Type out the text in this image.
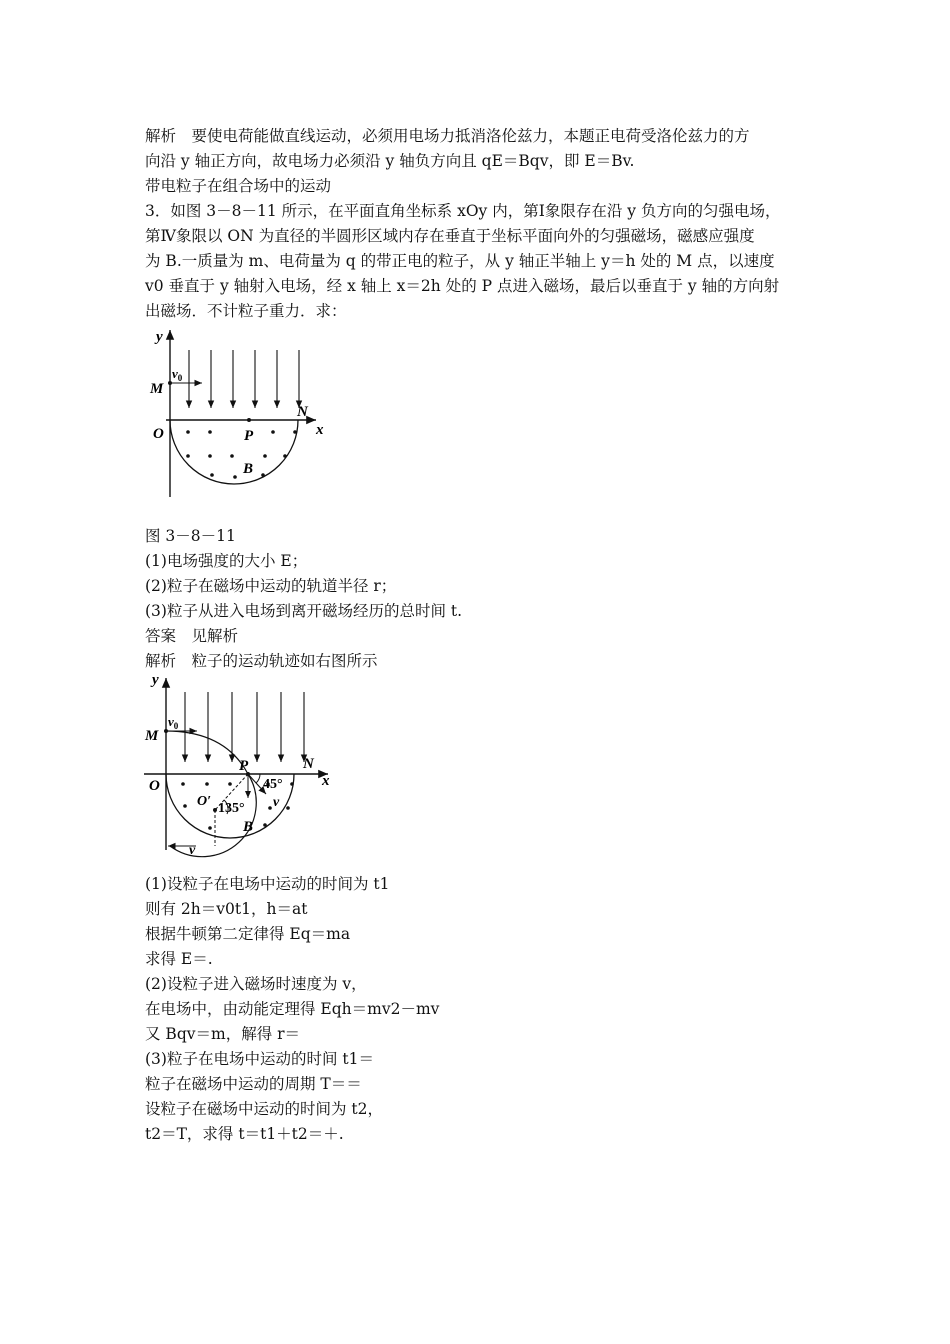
解析　要使电荷能做直线运动，必须用电场力抵消洛伦兹力，本题正电荷受洛伦兹力的方
向沿 y 轴正方向，故电场力必须沿 y 轴负方向且 qE＝Bqv，即 E＝Bv.
带电粒子在组合场中的运动
3．如图 3－8－11 所示，在平面直角坐标系 xOy 内，第Ⅰ象限存在沿 y 负方向的匀强电场，
第Ⅳ象限以 ON 为直径的半圆形区域内存在垂直于坐标平面向外的匀强磁场，磁感应强度
为 B.一质量为 m、电荷量为 q 的带正电的粒子，从 y 轴正半轴上 y＝h 处的 M 点，以速度
v0 垂直于 y 轴射入电场，经 x 轴上 x＝2h 处的 P 点进入磁场，最后以垂直于 y 轴的方向射
出磁场．不计粒子重力．求：
y
M
$v_0$
O	P
N
x
B
图 3－8－11
(1)电场强度的大小 E；
(2)粒子在磁场中运动的轨道半径 r；
(3)粒子从进入电场到离开磁场经历的总时间 t.
答案　见解析
解析　粒子的运动轨迹如右图所示
y
M
$v_0$
O
P	N
x
B
O′ 135°
45°
v
v
(1)设粒子在电场中运动的时间为 t1
则有 2h＝v0t1，h＝at
根据牛顿第二定律得 Eq＝ma
求得 E＝.
(2)设粒子进入磁场时速度为 v，
在电场中，由动能定理得 Eqh＝mv2－mv
又 Bqv＝m，解得 r＝
(3)粒子在电场中运动的时间 t1＝
粒子在磁场中运动的周期 T＝＝
设粒子在磁场中运动的时间为 t2，
t2＝T，求得 t＝t1＋t2＝＋.
